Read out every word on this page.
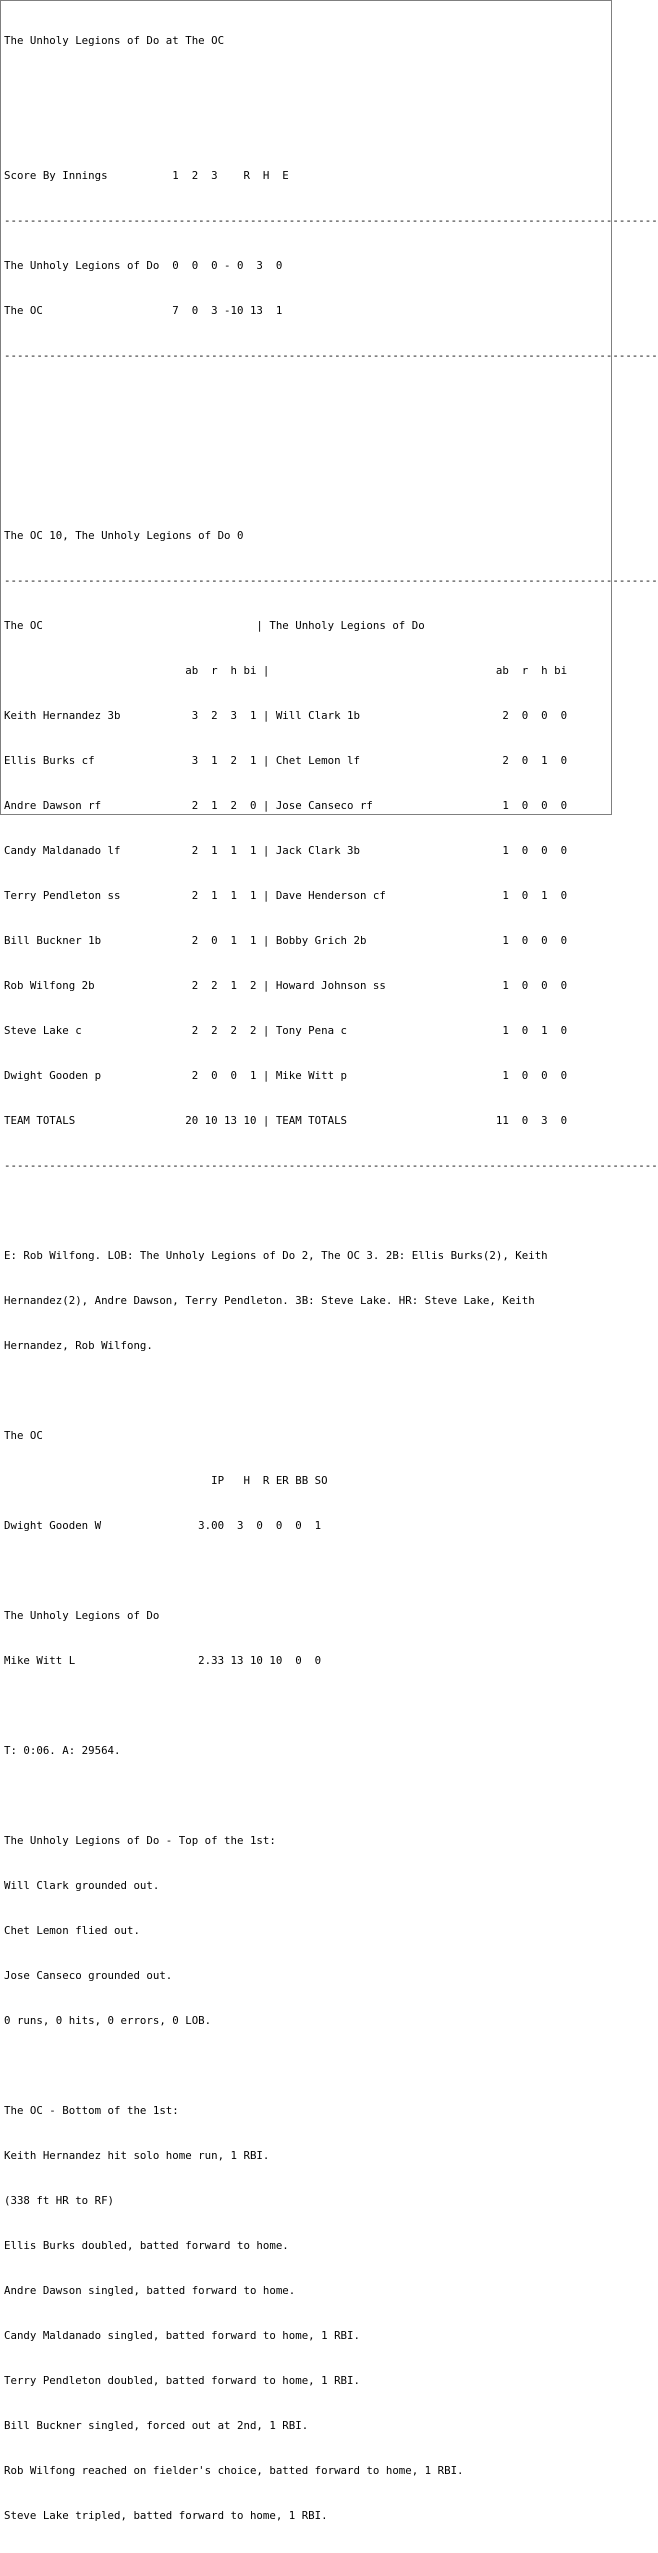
The Unholy Legions of Do at The OC

Score By Innings          1  2  3    R  H  E

-----------------------------------------------------------------------------------------------------

The Unholy Legions of Do  0  0  0 - 0  3  0

The OC                    7  0  3 -10 13  1

-----------------------------------------------------------------------------------------------------

The OC 10, The Unholy Legions of Do 0

-----------------------------------------------------------------------------------------------------

The OC                                 | The Unholy Legions of Do

ab  r  h bi |                                   ab  r  h bi

Keith Hernandez 3b           3  2  3  1 | Will Clark 1b                      2  0  0  0

Ellis Burks cf               3  1  2  1 | Chet Lemon lf                      2  0  1  0

Andre Dawson rf              2  1  2  0 | Jose Canseco rf                    1  0  0  0

Candy Maldanado lf           2  1  1  1 | Jack Clark 3b                      1  0  0  0

Terry Pendleton ss           2  1  1  1 | Dave Henderson cf                  1  0  1  0

Bill Buckner 1b              2  0  1  1 | Bobby Grich 2b                     1  0  0  0

Rob Wilfong 2b               2  2  1  2 | Howard Johnson ss                  1  0  0  0

Steve Lake c                 2  2  2  2 | Tony Pena c                        1  0  1  0

Dwight Gooden p              2  0  0  1 | Mike Witt p                        1  0  0  0

TEAM TOTALS                 20 10 13 10 | TEAM TOTALS                       11  0  3  0

-----------------------------------------------------------------------------------------------------

E: Rob Wilfong. LOB: The Unholy Legions of Do 2, The OC 3. 2B: Ellis Burks(2), Keith

Hernandez(2), Andre Dawson, Terry Pendleton. 3B: Steve Lake. HR: Steve Lake, Keith

Hernandez, Rob Wilfong.

The OC

IP   H  R ER BB SO

Dwight Gooden W               3.00  3  0  0  0  1

The Unholy Legions of Do

Mike Witt L                   2.33 13 10 10  0  0

T: 0:06. A: 29564.

The Unholy Legions of Do - Top of the 1st:

Will Clark grounded out.

Chet Lemon flied out.

Jose Canseco grounded out.

0 runs, 0 hits, 0 errors, 0 LOB.

The OC - Bottom of the 1st:

Keith Hernandez hit solo home run, 1 RBI.

(338 ft HR to RF)

Ellis Burks doubled, batted forward to home.

Andre Dawson singled, batted forward to home.

Candy Maldanado singled, batted forward to home, 1 RBI.

Terry Pendleton doubled, batted forward to home, 1 RBI.

Bill Buckner singled, forced out at 2nd, 1 RBI.

Rob Wilfong reached on fielder's choice, batted forward to home, 1 RBI.

Steve Lake tripled, batted forward to home, 1 RBI.
